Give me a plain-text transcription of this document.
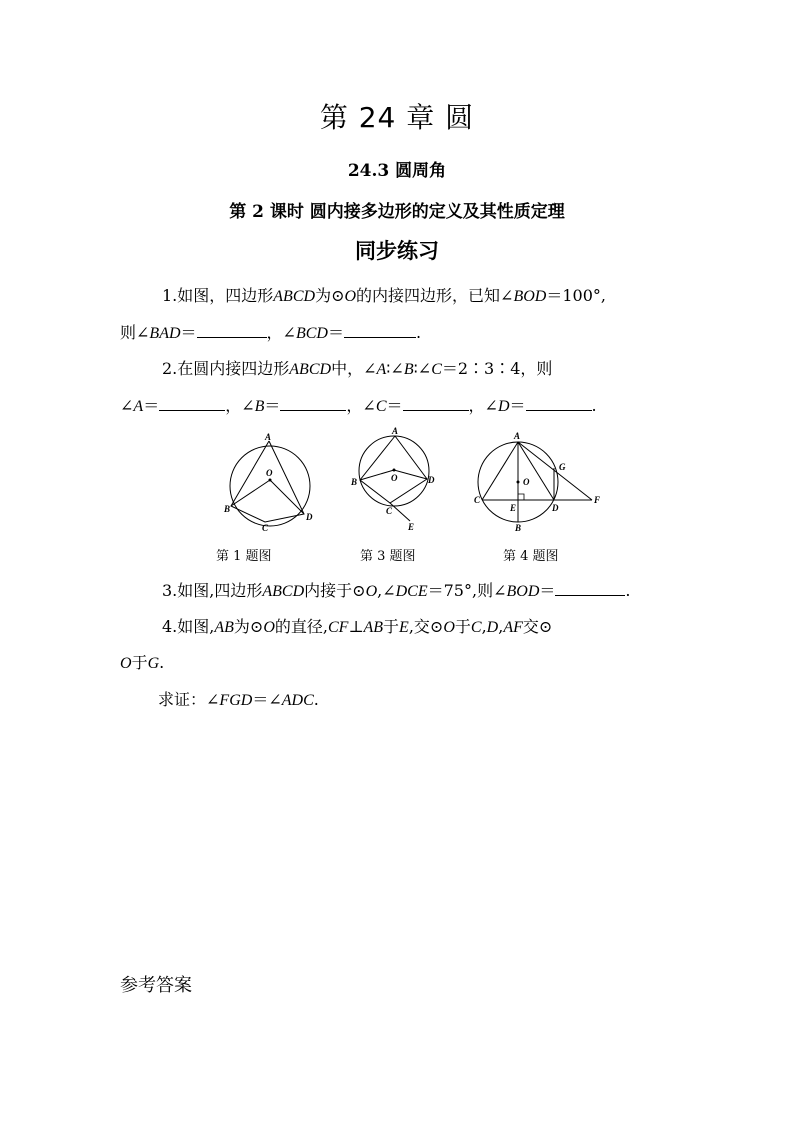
第 24 章 圆
24.3 圆周角
第 2 课时 圆内接多边形的定义及其性质定理
同步练习
1.如图，四边形ABCD为⊙O的内接四边形，已知∠BOD＝100°,
则∠BAD＝	，∠BCD＝	.
2.在圆内接四边形ABCD中，∠A∶∠B∶∠C＝2∶3∶4，则
∠A＝	，∠B＝	，∠C＝	，∠D＝	.
A
O
B
C
D
A
O
B
C
D
E
A
O
C
E	D
F
G
B
第 1 题图	第 3 题图	第 4 题图
3.如图,四边形ABCD内接于⊙O,∠DCE＝75°,则∠BOD＝	.
4.如图,AB为⊙O的直径,CF⊥AB于E,交⊙O于C,D,AF交⊙
O于G.
求证：∠FGD＝∠ADC.
参考答案
